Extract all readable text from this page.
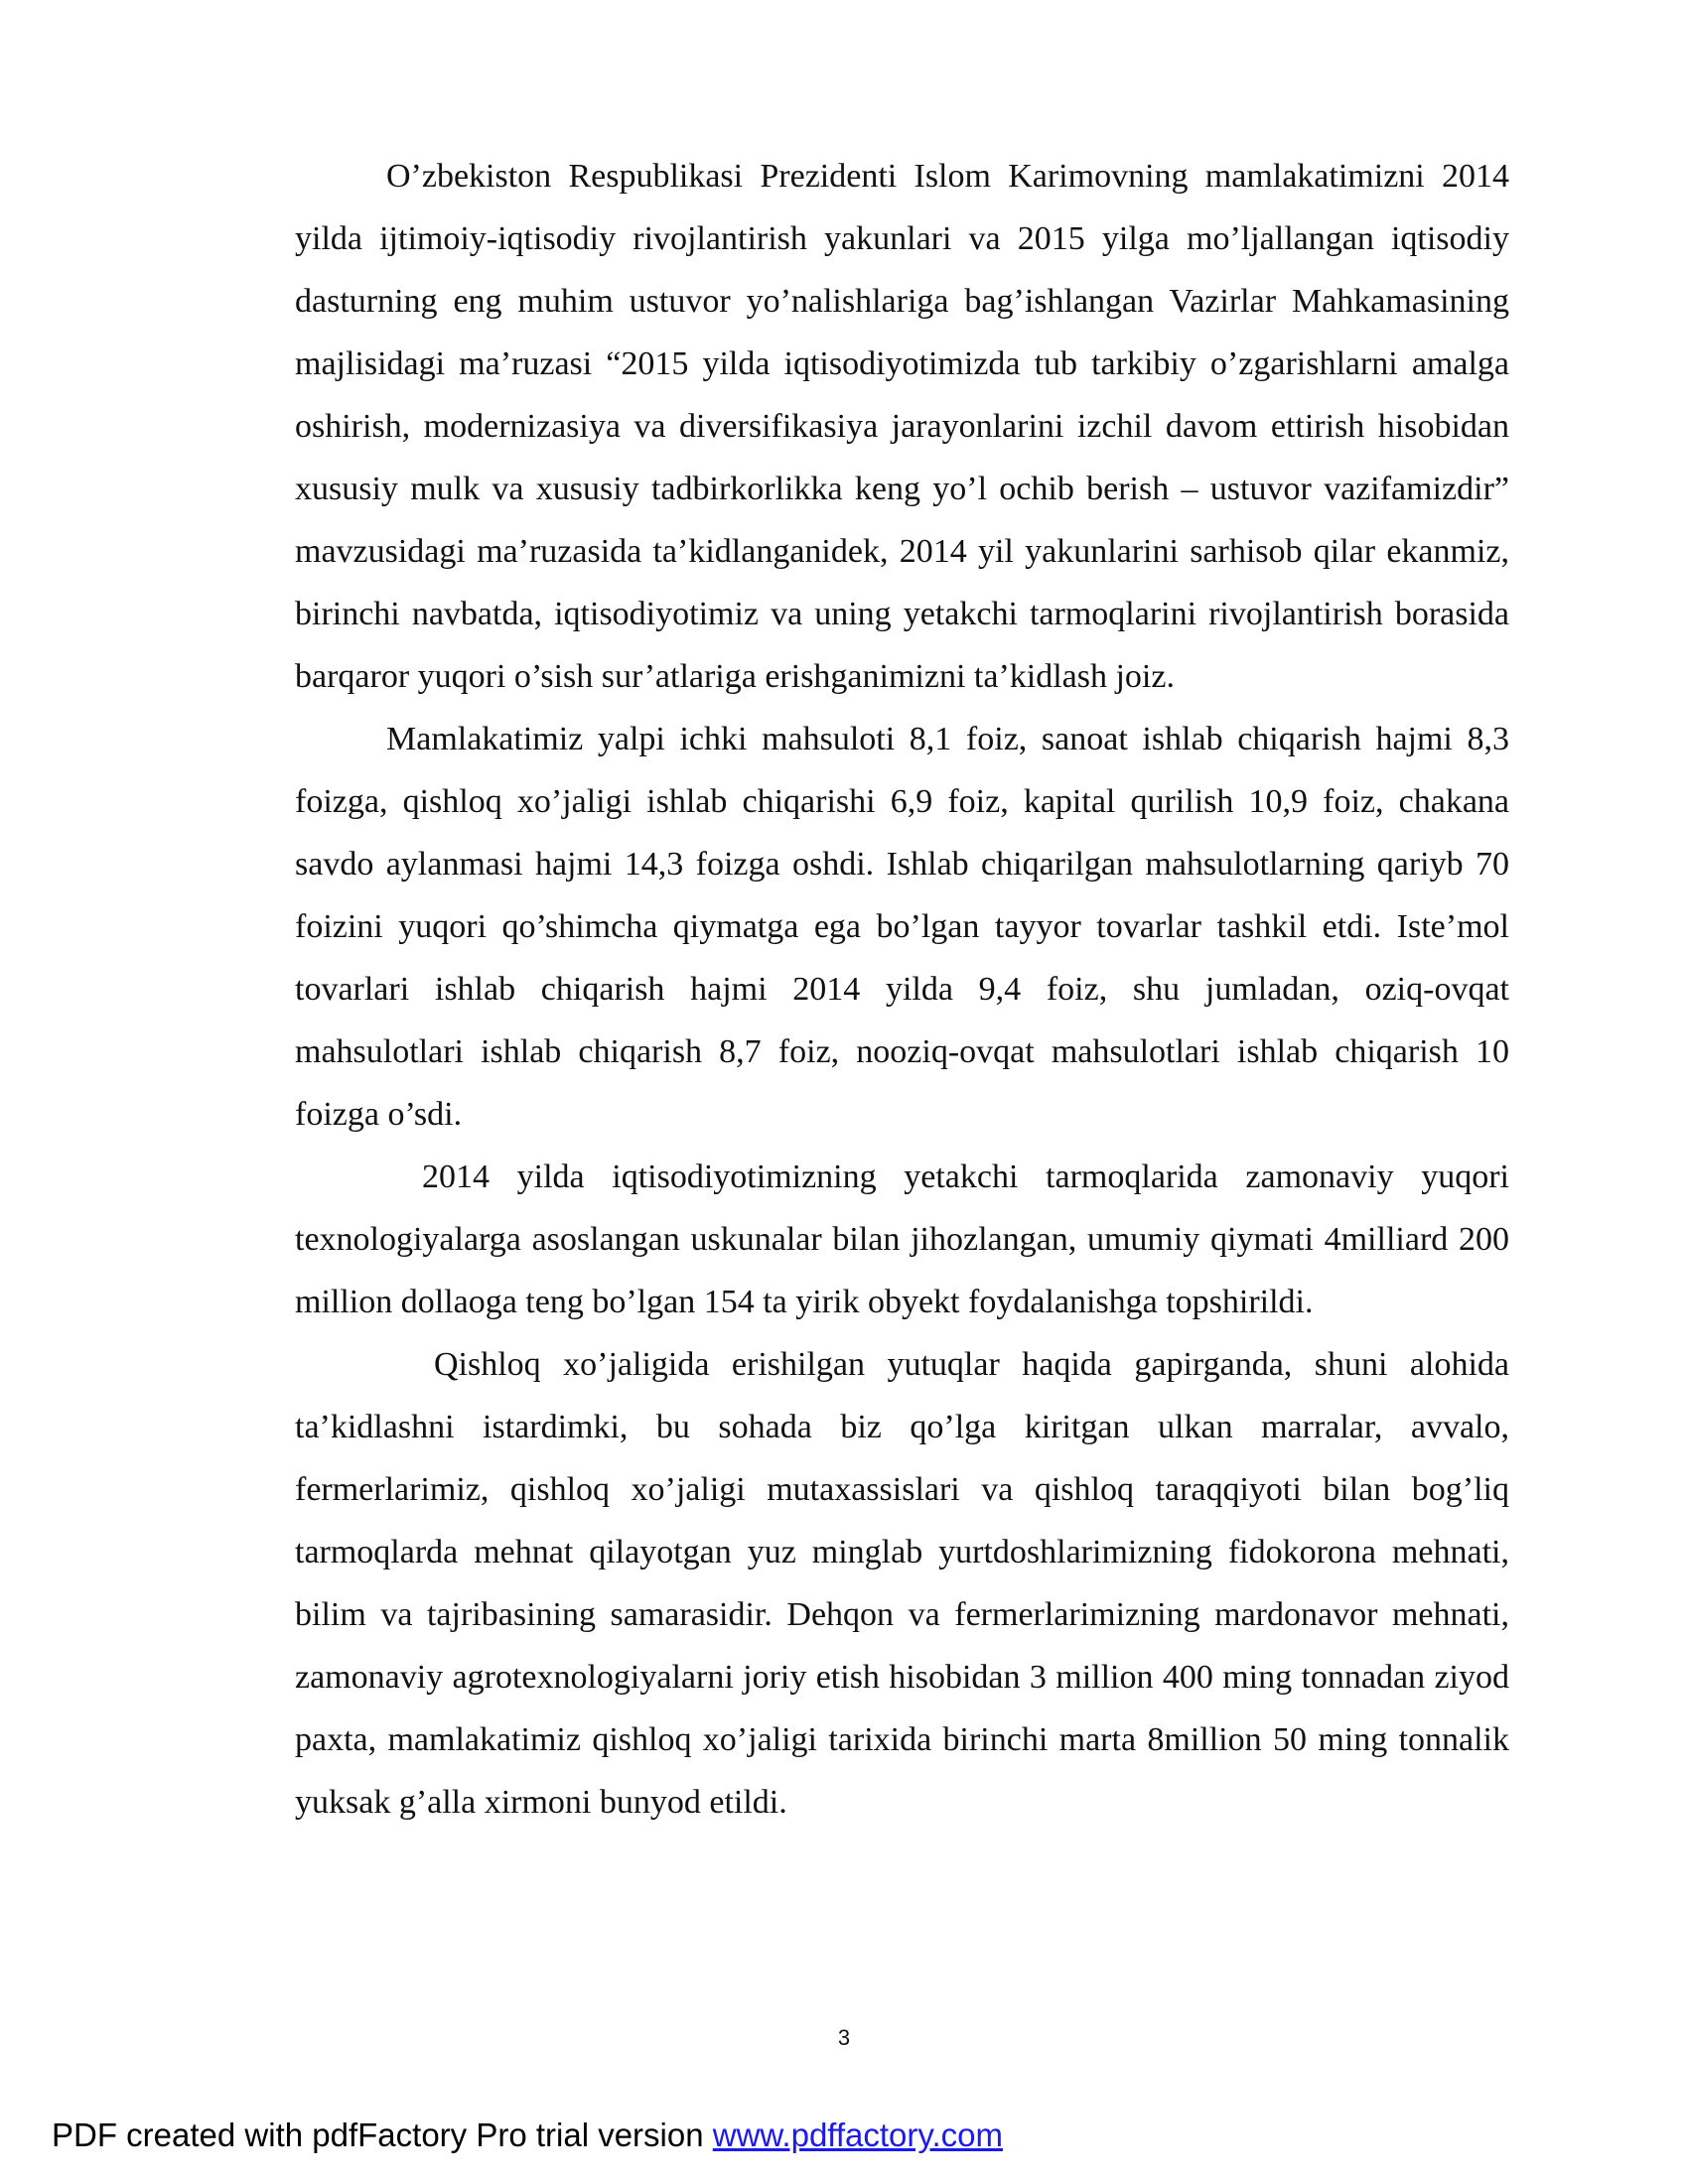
O’zbekiston Respublikasi Prezidenti Islom Karimovning mamlakatimizni 2014 yilda ijtimoiy-iqtisodiy rivojlantirish yakunlari va 2015 yilga mo’ljallangan iqtisodiy dasturning eng muhim ustuvor yo’nalishlariga bag’ishlangan Vazirlar Mahkamasining majlisidagi ma’ruzasi “2015 yilda iqtisodiyotimizda tub tarkibiy o’zgarishlarni amalga oshirish, modernizasiya va diversifikasiya jarayonlarini izchil davom ettirish hisobidan xususiy mulk va xususiy tadbirkorlikka keng yo’l ochib berish – ustuvor vazifamizdir” mavzusidagi ma’ruzasida ta’kidlanganidek, 2014 yil yakunlarini sarhisob qilar ekanmiz, birinchi navbatda, iqtisodiyotimiz va uning yetakchi tarmoqlarini rivojlantirish borasida barqaror yuqori o’sish sur’atlariga erishganimizni ta’kidlash joiz.

Mamlakatimiz yalpi ichki mahsuloti 8,1 foiz, sanoat ishlab chiqarish hajmi 8,3 foizga, qishloq xo’jaligi ishlab chiqarishi 6,9 foiz, kapital qurilish 10,9 foiz, chakana savdo aylanmasi hajmi 14,3 foizga oshdi. Ishlab chiqarilgan mahsulotlarning qariyb 70 foizini yuqori qo’shimcha qiymatga ega bo’lgan tayyor tovarlar tashkil etdi. Iste’mol tovarlari ishlab chiqarish hajmi 2014 yilda 9,4 foiz, shu jumladan, oziq-ovqat mahsulotlari ishlab chiqarish 8,7 foiz, nooziq-ovqat mahsulotlari ishlab chiqarish 10 foizga o’sdi.

2014 yilda iqtisodiyotimizning yetakchi tarmoqlarida zamonaviy yuqori texnologiyalarga asoslangan uskunalar bilan jihozlangan, umumiy qiymati 4milliard 200 million dollaoga teng bo’lgan 154 ta yirik obyekt foydalanishga topshirildi.

Qishloq xo’jaligida erishilgan yutuqlar haqida gapirganda, shuni alohida ta’kidlashni istardimki, bu sohada biz qo’lga kiritgan ulkan marralar, avvalo, fermerlarimiz, qishloq xo’jaligi mutaxassislari va qishloq taraqqiyoti bilan bog’liq tarmoqlarda mehnat qilayotgan yuz minglab yurtdoshlarimizning fidokorona mehnati, bilim va tajribasining samarasidir. Dehqon va fermerlarimizning mardonavor mehnati, zamonaviy agrotexnologiyalarni joriy etish hisobidan 3 million 400 ming tonnadan ziyod paxta, mamlakatimiz qishloq xo’jaligi tarixida birinchi marta 8million 50 ming tonnalik yuksak g’alla xirmoni bunyod etildi.

3
PDF created with pdfFactory Pro trial version www.pdffactory.com
